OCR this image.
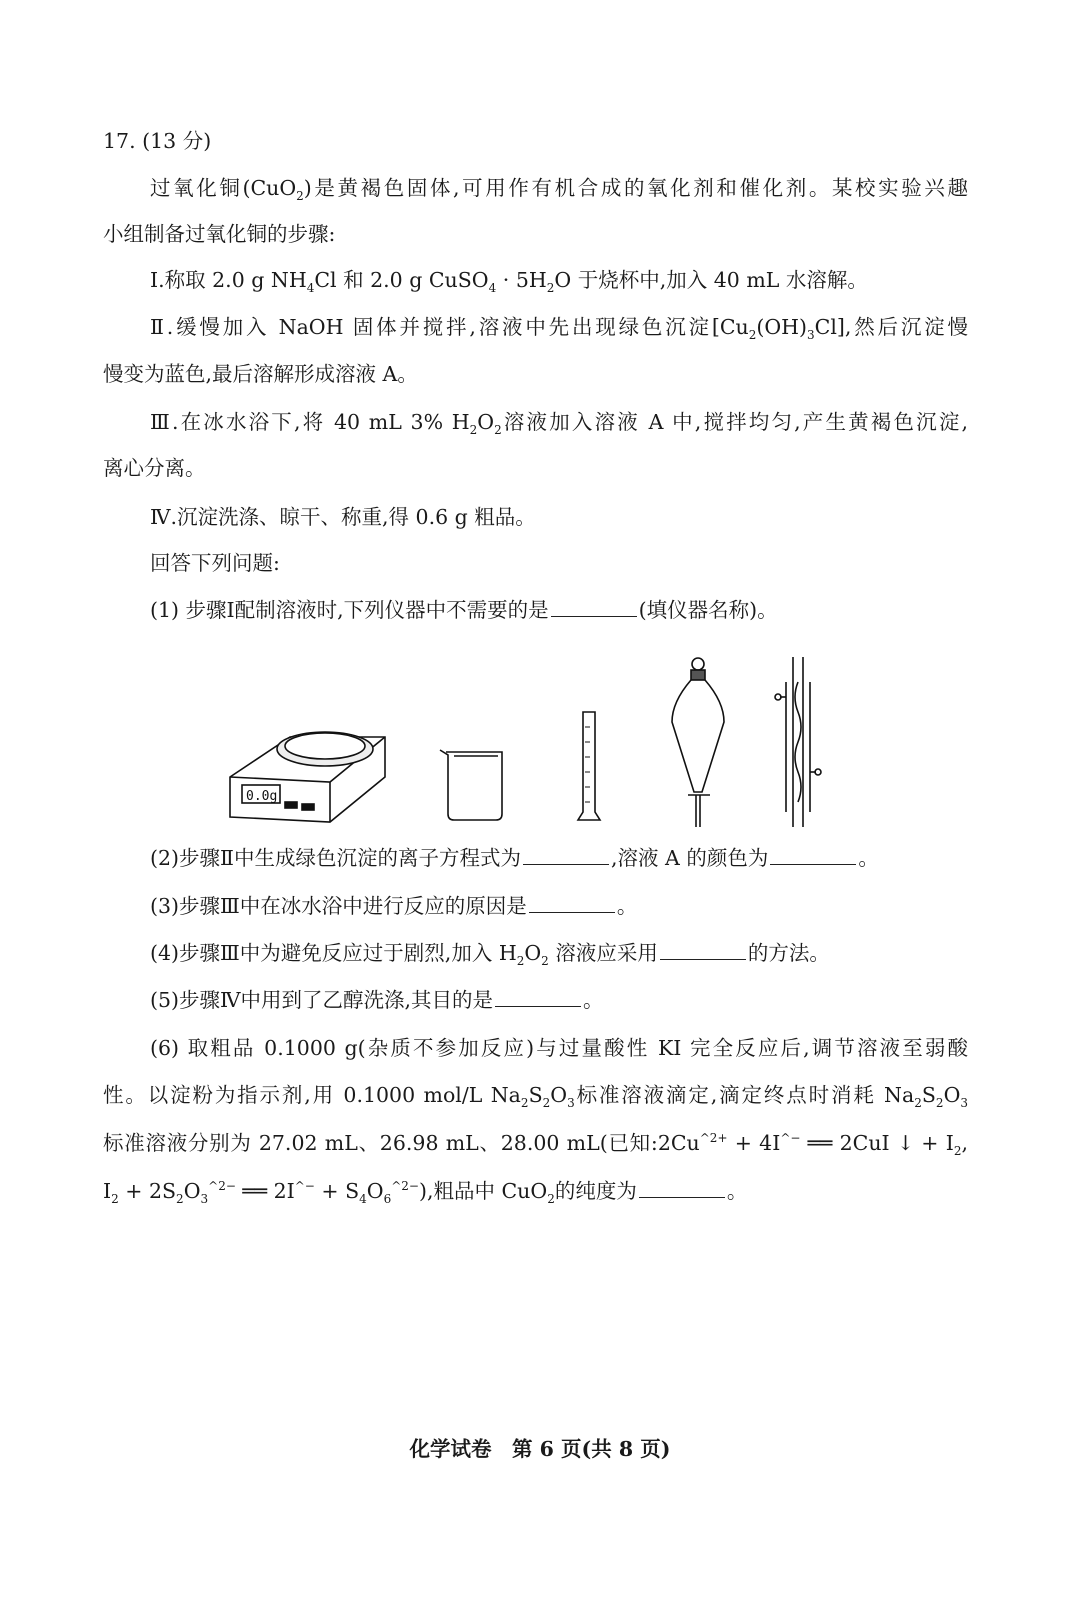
17. (13 分)
过氧化铜(CuO$_2$)是黄褐色固体,可用作有机合成的氧化剂和催化剂。某校实验兴趣
小组制备过氧化铜的步骤:
Ⅰ.称取 2.0 g $NH_4Cl$ 和 2.0 g CuSO$_4$ · $5H_2O$ 于烧杯中,加入 40 mL 水溶解。
Ⅱ.缓慢加入 NaOH 固体并搅拌,溶液中先出现绿色沉淀$[Cu_2(OH)_3Cl]$,然后沉淀慢
慢变为蓝色,最后溶解形成溶液 A。
Ⅲ.在冰水浴下,将 40 mL 3% $H_2O_2$溶液加入溶液 A 中,搅拌均匀,产生黄褐色沉淀,
离心分离。
Ⅳ.沉淀洗涤、晾干、称重,得 0.6 g 粗品。
回答下列问题:
(1) 步骤Ⅰ配制溶液时,下列仪器中不需要的是	(填仪器名称)。
(2)步骤Ⅱ中生成绿色沉淀的离子方程式为	,溶液 A 的颜色为	。
(3)步骤Ⅲ中在冰水浴中进行反应的原因是	。
(4)步骤Ⅲ中为避免反应过于剧烈,加入 $H_2O_2$ 溶液应采用	的方法。
(5)步骤Ⅳ中用到了乙醇洗涤,其目的是	。
(6) 取粗品 0.1000 g(杂质不参加反应)与过量酸性 KI 完全反应后,调节溶液至弱酸
性。以淀粉为指示剂,用 0.1000 mol/L $Na_2S_2O_3$标准溶液滴定,滴定终点时消耗 $Na_2S_2O_3$
标准溶液分别为 27.02 mL、26.98 mL、28.00 mL(已知$:2Cu^{\^{}2+} + 4I^{\^{}-}$ ══ 2CuI ↓ + $I_2$,
$I_2 + 2S_2O_3^{\^{}2-}$ ══ $2I^{\^{}-} + S_4O_6^{\^{}2-}$),粗品中 CuO$_2$的纯度为	。
0.0g
化学试卷　第 6 页(共 8 页)
